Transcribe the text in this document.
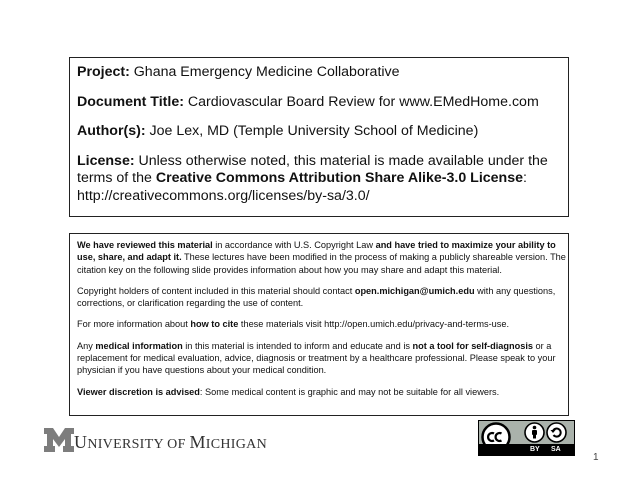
Project: Ghana Emergency Medicine Collaborative

Document Title: Cardiovascular Board Review for www.EMedHome.com

Author(s): Joe Lex, MD (Temple University School of Medicine)

License: Unless otherwise noted, this material is made available under the terms of the Creative Commons Attribution Share Alike-3.0 License: http://creativecommons.org/licenses/by-sa/3.0/

We have reviewed this material in accordance with U.S. Copyright Law and have tried to maximize your ability to use, share, and adapt it. These lectures have been modified in the process of making a publicly shareable version. The citation key on the following slide provides information about how you may share and adapt this material.

Copyright holders of content included in this material should contact open.michigan@umich.edu with any questions, corrections, or clarification regarding the use of content.

For more information about how to cite these materials visit http://open.umich.edu/privacy-and-terms-use.

Any medical information in this material is intended to inform and educate and is not a tool for self-diagnosis or a replacement for medical evaluation, advice, diagnosis or treatment by a healthcare professional. Please speak to your physician if you have questions about your medical condition.

Viewer discretion is advised: Some medical content is graphic and may not be suitable for all viewers.

UNIVERSITY OF MICHIGAN	BY SA
1
